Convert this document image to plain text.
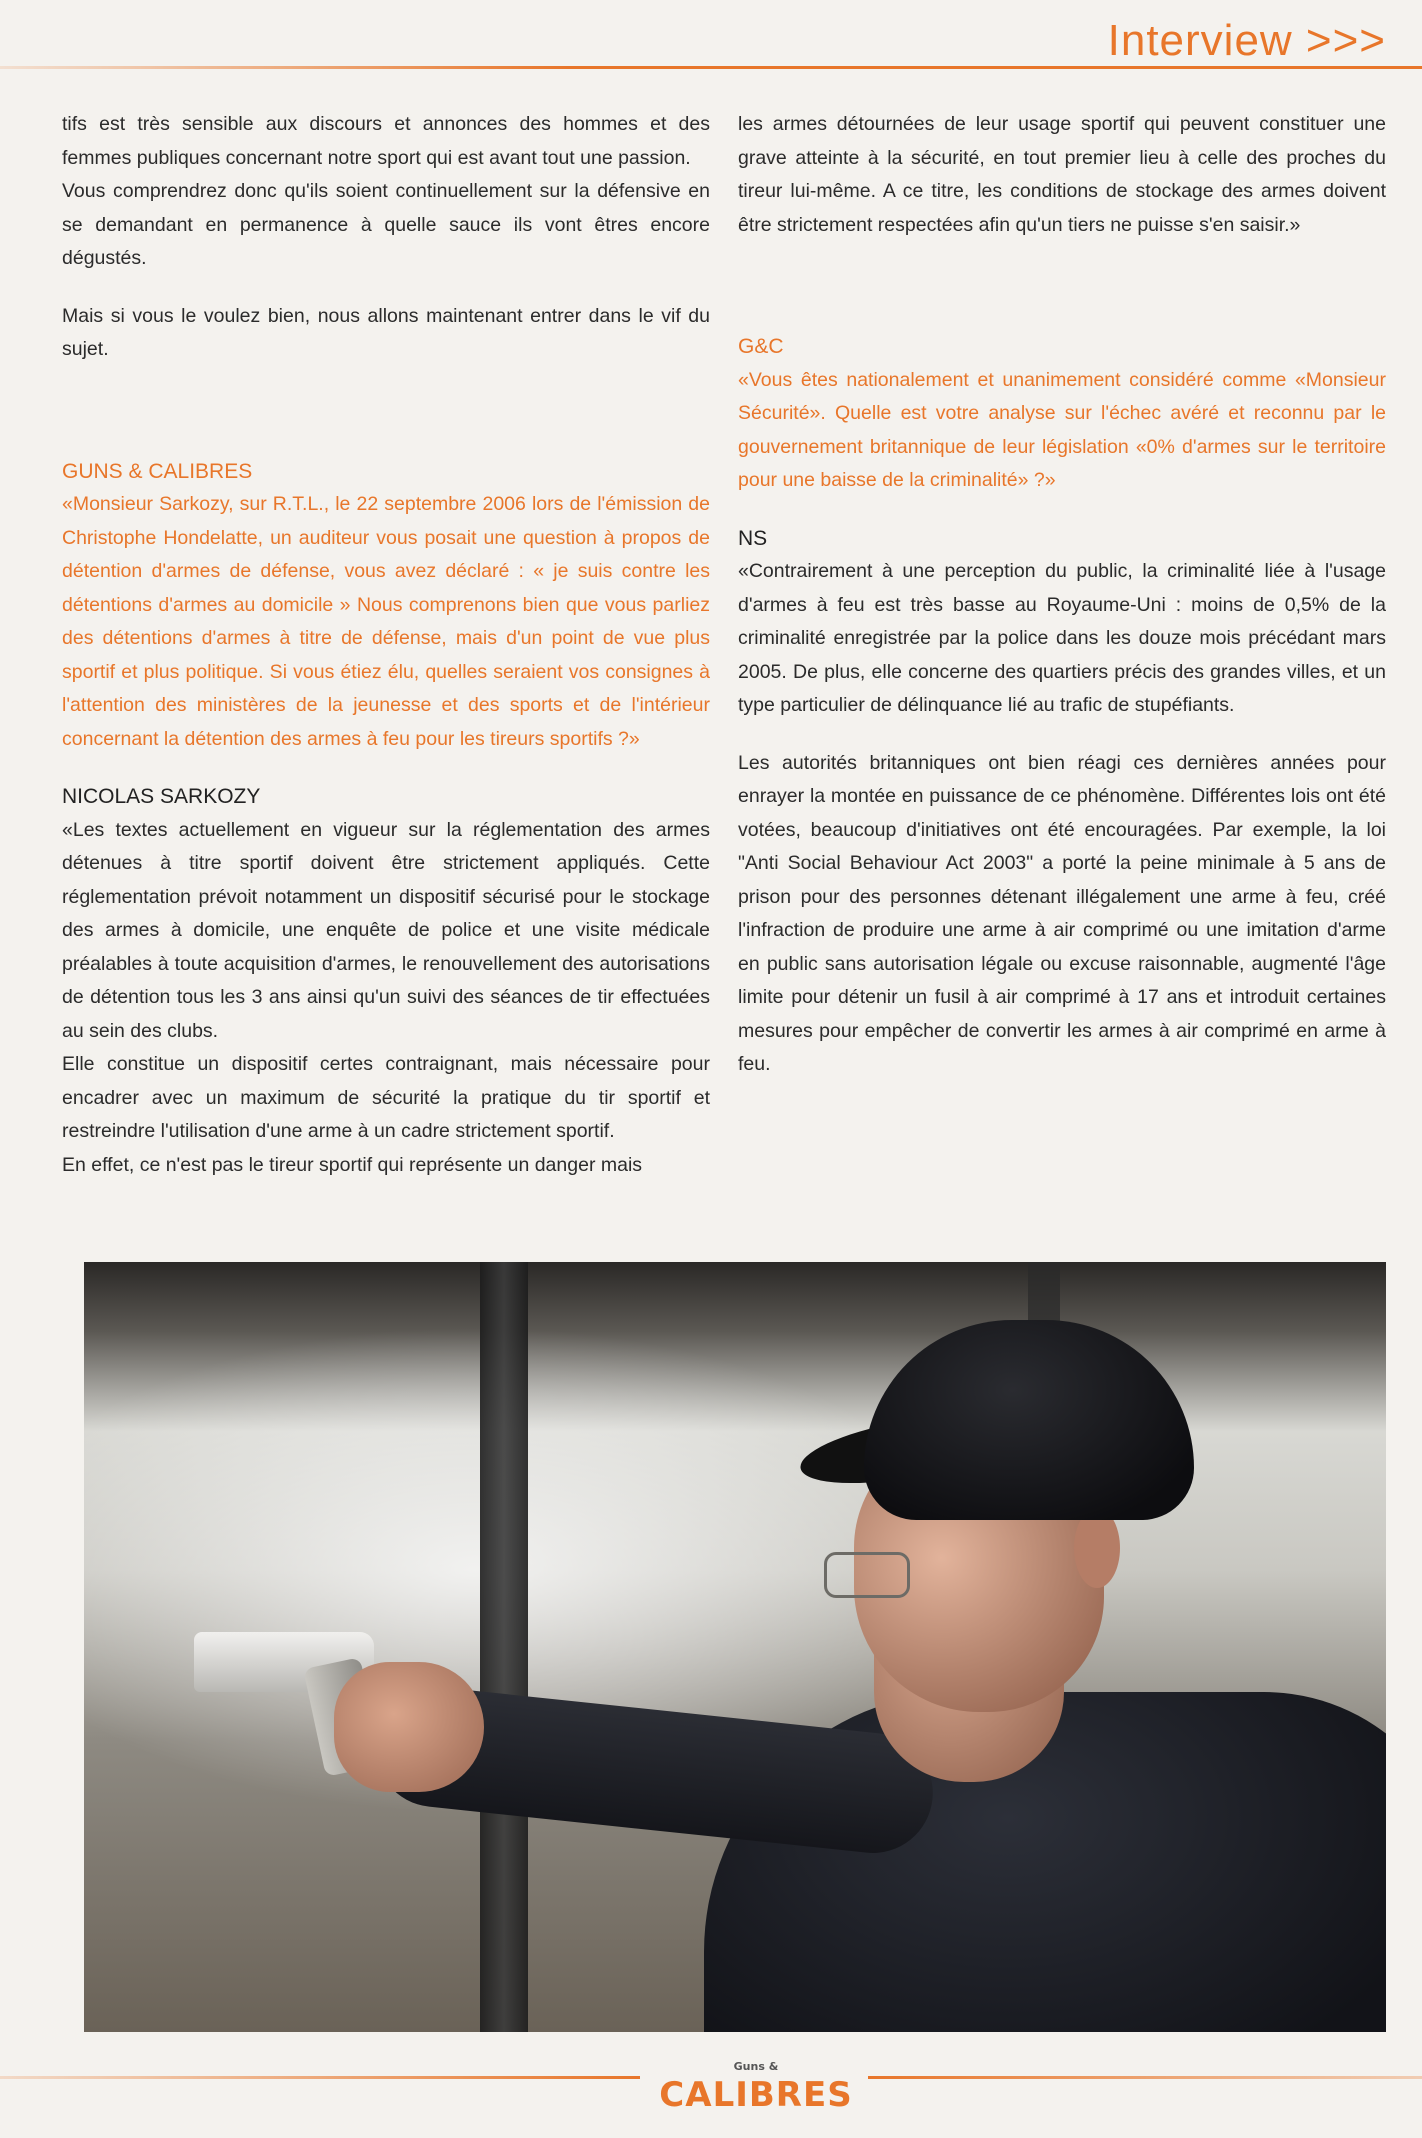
Interview >>>

tifs est très sensible aux discours et annonces des hommes et des femmes publiques concernant notre sport qui est avant tout une passion.

Vous comprendrez donc qu'ils soient continuellement sur la défensive en se demandant en permanence à quelle sauce ils vont êtres encore dégustés.

Mais si vous le voulez bien, nous allons maintenant entrer dans le vif du sujet.

GUNS & CALIBRES

«Monsieur Sarkozy, sur R.T.L., le 22 septembre 2006 lors de l'émission de Christophe Hondelatte, un auditeur vous posait une question à propos de détention d'armes de défense, vous avez déclaré : « je suis contre les détentions d'armes au domicile » Nous comprenons bien que vous parliez des détentions d'armes à titre de défense, mais d'un point de vue plus sportif et plus politique. Si vous étiez élu, quelles seraient vos consignes à l'attention des ministères de la jeunesse et des sports et de l'intérieur concernant la détention des armes à feu pour les tireurs sportifs ?»

NICOLAS SARKOZY

«Les textes actuellement en vigueur sur la réglementation des armes détenues à titre sportif doivent être strictement appliqués. Cette réglementation prévoit notamment un dispositif sécurisé pour le stockage des armes à domicile, une enquête de police et une visite médicale préalables à toute acquisition d'armes, le renouvellement des autorisations de détention tous les 3 ans ainsi qu'un suivi des séances de tir effectuées au sein des clubs.

Elle constitue un dispositif certes contraignant, mais nécessaire pour encadrer avec un maximum de sécurité la pratique du tir sportif et restreindre l'utilisation d'une arme à un cadre strictement sportif.

En effet, ce n'est pas le tireur sportif qui représente un danger mais

les armes détournées de leur usage sportif qui peuvent constituer une grave atteinte à la sécurité, en tout premier lieu à celle des proches du tireur lui-même. A ce titre, les conditions de stockage des armes doivent être strictement respectées afin qu'un tiers ne puisse s'en saisir.»

G&C

«Vous êtes nationalement et unanimement considéré comme «Monsieur Sécurité». Quelle est votre analyse sur l'échec avéré et reconnu par le gouvernement britannique de leur législation «0% d'armes sur le territoire pour une baisse de la criminalité» ?»

NS

«Contrairement à une perception du public, la criminalité liée à l'usage d'armes à feu est très basse au Royaume-Uni : moins de 0,5% de la criminalité enregistrée par la police dans les douze mois précédant mars 2005. De plus, elle concerne des quartiers précis des grandes villes, et un type particulier de délinquance lié au trafic de stupéfiants.

Les autorités britanniques ont bien réagi ces dernières années pour enrayer la montée en puissance de ce phénomène. Différentes lois ont été votées, beaucoup d'initiatives ont été encouragées. Par exemple, la loi "Anti Social Behaviour Act 2003" a porté la peine minimale à 5 ans de prison pour des personnes détenant illégalement une arme à feu, créé l'infraction de produire une arme à air comprimé ou une imitation d'arme en public sans autorisation légale ou excuse raisonnable, augmenté l'âge limite pour détenir un fusil à air comprimé à 17 ans et introduit certaines mesures pour empêcher de convertir les armes à air comprimé en arme à feu.

Guns & CALIBRES
